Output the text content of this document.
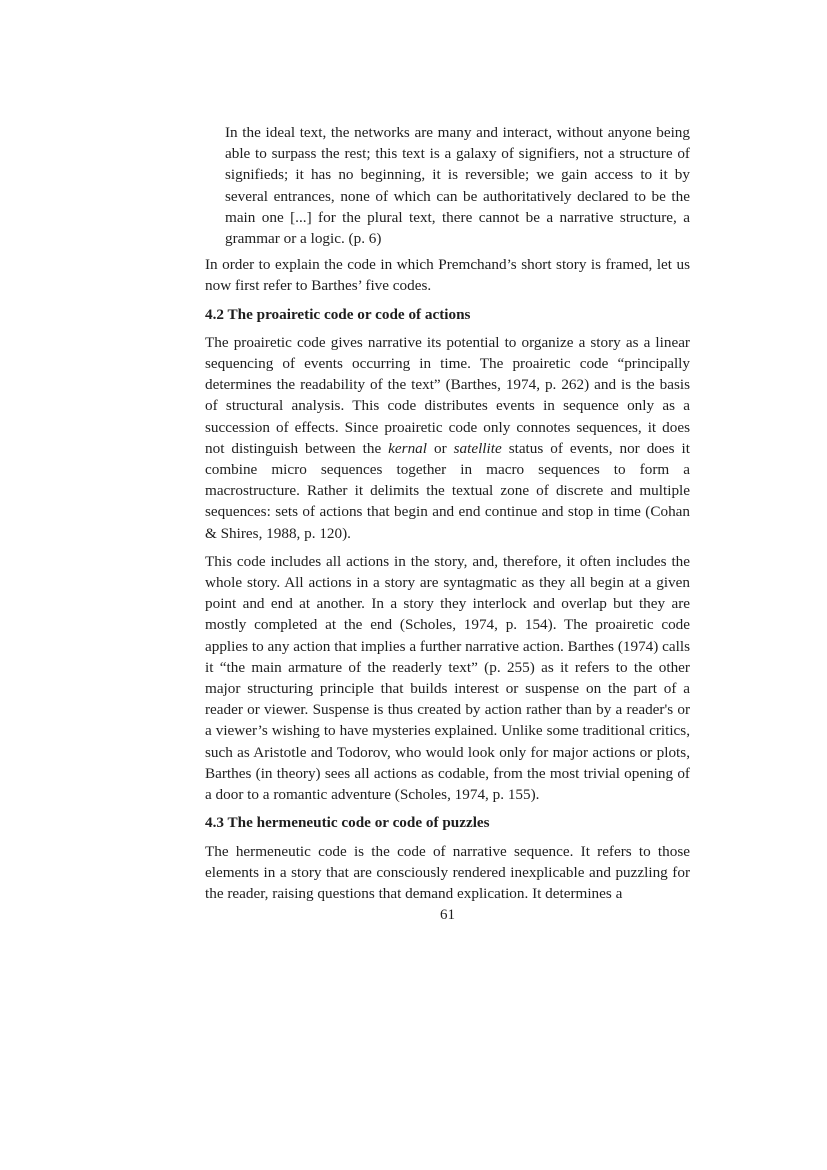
In the ideal text, the networks are many and interact, without anyone being able to surpass the rest; this text is a galaxy of signifiers, not a structure of signifieds; it has no beginning, it is reversible; we gain access to it by several entrances, none of which can be authoritatively declared to be the main one [...] for the plural text, there cannot be a narrative structure, a grammar or a logic. (p. 6)

In order to explain the code in which Premchand’s short story is framed, let us now first refer to Barthes’ five codes.

4.2 The proairetic code or code of actions

The proairetic code gives narrative its potential to organize a story as a linear sequencing of events occurring in time. The proairetic code “principally determines the readability of the text” (Barthes, 1974, p. 262) and is the basis of structural analysis. This code distributes events in sequence only as a succession of effects. Since proairetic code only connotes sequences, it does not distinguish between the kernal or satellite status of events, nor does it combine micro sequences together in macro sequences to form a macrostructure. Rather it delimits the textual zone of discrete and multiple sequences: sets of actions that begin and end continue and stop in time (Cohan & Shires, 1988, p. 120).

This code includes all actions in the story, and, therefore, it often includes the whole story. All actions in a story are syntagmatic as they all begin at a given point and end at another. In a story they interlock and overlap but they are mostly completed at the end (Scholes, 1974, p. 154). The proairetic code applies to any action that implies a further narrative action. Barthes (1974) calls it “the main armature of the readerly text” (p. 255) as it refers to the other major structuring principle that builds interest or suspense on the part of a reader or viewer. Suspense is thus created by action rather than by a reader's or a viewer’s wishing to have mysteries explained. Unlike some traditional critics, such as Aristotle and Todorov, who would look only for major actions or plots, Barthes (in theory) sees all actions as codable, from the most trivial opening of a door to a romantic adventure (Scholes, 1974, p. 155).

4.3 The hermeneutic code or code of puzzles

The hermeneutic code is the code of narrative sequence. It refers to those elements in a story that are consciously rendered inexplicable and puzzling for the reader, raising questions that demand explication. It determines a

61
